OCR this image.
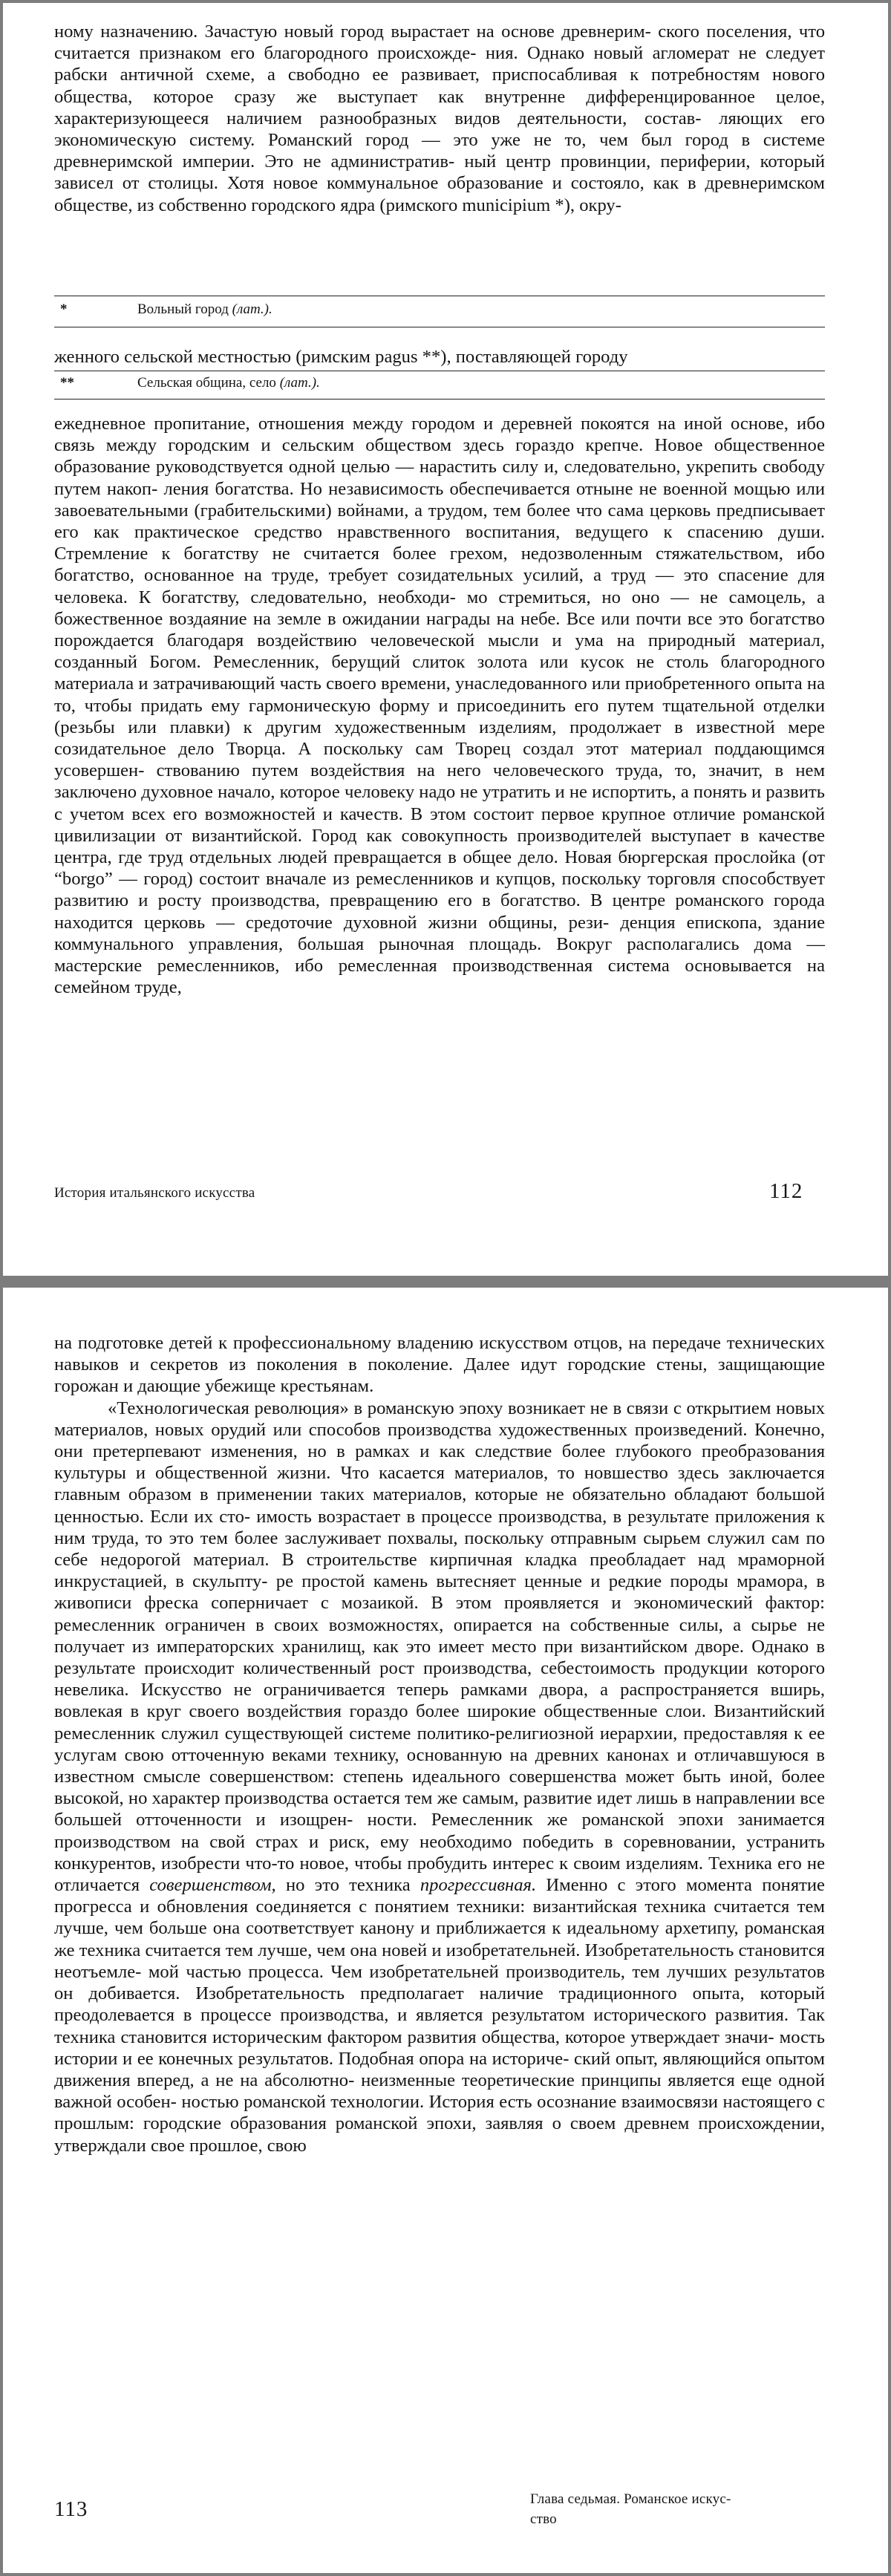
ному назначению. Зачастую новый город вырастает на основе древнерим- ского поселения, что считается признаком его благородного происхожде- ния. Однако новый агломерат не следует рабски античной схеме, а свободно ее развивает, приспосабливая к потребностям нового общества, которое сразу же выступает как внутренне дифференцированное целое, характеризующееся наличием разнообразных видов деятельности, состав- ляющих его экономическую систему. Романский город — это уже не то, чем был город в системе древнеримской империи. Это не административ- ный центр провинции, периферии, который зависел от столицы. Хотя новое коммунальное образование и состояло, как в древнеримском обществе, из собственно городского ядра (римского municipium *), окру-

*	Вольный город (лат.).

женного сельской местностью (римским pagus **), поставляющей городу

**	Сельская община, село (лат.).

ежедневное пропитание, отношения между городом и деревней покоятся на иной основе, ибо связь между городским и сельским обществом здесь гораздо крепче. Новое общественное образование руководствуется одной целью — нарастить силу и, следовательно, укрепить свободу путем накоп- ления богатства. Но независимость обеспечивается отныне не военной мощью или завоевательными (грабительскими) войнами, а трудом, тем более что сама церковь предписывает его как практическое средство нравственного воспитания, ведущего к спасению души. Стремление к богатству не считается более грехом, недозволенным стяжательством, ибо богатство, основанное на труде, требует созидательных усилий, а труд — это спасение для человека. К богатству, следовательно, необходи- мо стремиться, но оно — не самоцель, а божественное воздаяние на земле в ожидании награды на небе. Все или почти все это богатство порождается благодаря воздействию человеческой мысли и ума на природный материал, созданный Богом. Ремесленник, берущий слиток золота или кусок не столь благородного материала и затрачивающий часть своего времени, унаследованного или приобретенного опыта на то, чтобы придать ему гармоническую форму и присоединить его путем тщательной отделки (резьбы или плавки) к другим художественным изделиям, продолжает в известной мере созидательное дело Творца. А поскольку сам Творец создал этот материал поддающимся усовершен- ствованию путем воздействия на него человеческого труда, то, значит, в нем заключено духовное начало, которое человеку надо не утратить и не испортить, а понять и развить с учетом всех его возможностей и качеств. В этом состоит первое крупное отличие романской цивилизации от византийской. Город как совокупность производителей выступает в качестве центра, где труд отдельных людей превращается в общее дело. Новая бюргерская прослойка (от “borgo” — город) состоит вначале из ремесленников и купцов, поскольку торговля способствует развитию и росту производства, превращению его в богатство. В центре романского города находится церковь — средоточие духовной жизни общины, рези- денция епископа, здание коммунального управления, большая рыночная площадь. Вокруг располагались дома — мастерские ремесленников, ибо ремесленная производственная система основывается на семейном труде,

История итальянского искусства	112

на подготовке детей к профессиональному владению искусством отцов, на передаче технических навыков и секретов из поколения в поколение. Далее идут городские стены, защищающие горожан и дающие убежище крестьянам.

«Технологическая революция» в романскую эпоху возникает не в связи с открытием новых материалов, новых орудий или способов производства художественных произведений. Конечно, они претерпевают изменения, но в рамках и как следствие более глубокого преобразования культуры и общественной жизни. Что касается материалов, то новшество здесь заключается главным образом в применении таких материалов, которые не обязательно обладают большой ценностью. Если их сто- имость возрастает в процессе производства, в результате приложения к ним труда, то это тем более заслуживает похвалы, поскольку отправным сырьем служил сам по себе недорогой материал. В строительстве кирпичная кладка преобладает над мраморной инкрустацией, в скульпту- ре простой камень вытесняет ценные и редкие породы мрамора, в живописи фреска соперничает с мозаикой. В этом проявляется и экономический фактор: ремесленник ограничен в своих возможностях, опирается на собственные силы, а сырье не получает из императорских хранилищ, как это имеет место при византийском дворе. Однако в результате происходит количественный рост производства, себестоимость продукции которого невелика. Искусство не ограничивается теперь рамками двора, а распространяется вширь, вовлекая в круг своего воздействия гораздо более широкие общественные слои. Византийский ремесленник служил существующей системе политико-религиозной иерархии, предоставляя к ее услугам свою отточенную веками технику, основанную на древних канонах и отличавшуюся в известном смысле совершенством: степень идеального совершенства может быть иной, более высокой, но характер производства остается тем же самым, развитие идет лишь в направлении все большей отточенности и изощрен- ности. Ремесленник же романской эпохи занимается производством на свой страх и риск, ему необходимо победить в соревновании, устранить конкурентов, изобрести что-то новое, чтобы пробудить интерес к своим изделиям. Техника его не отличается совершенством, но это техника прогрессивная. Именно с этого момента понятие прогресса и обновления соединяется с понятием техники: византийская техника считается тем лучше, чем больше она соответствует канону и приближается к идеальному архетипу, романская же техника считается тем лучше, чем она новей и изобретательней. Изобретательность становится неотъемле- мой частью процесса. Чем изобретательней производитель, тем лучших результатов он добивается. Изобретательность предполагает наличие традиционного опыта, который преодолевается в процессе производства, и является результатом исторического развития. Так техника становится историческим фактором развития общества, которое утверждает значи- мость истории и ее конечных результатов. Подобная опора на историче- ский опыт, являющийся опытом движения вперед, а не на абсолютно- неизменные теоретические принципы является еще одной важной особен- ностью романской технологии. История есть осознание взаимосвязи настоящего с прошлым: городские образования романской эпохи, заявляя о своем древнем происхождении, утверждали свое прошлое, свою

113	Глава седьмая. Романское искус-
ство
